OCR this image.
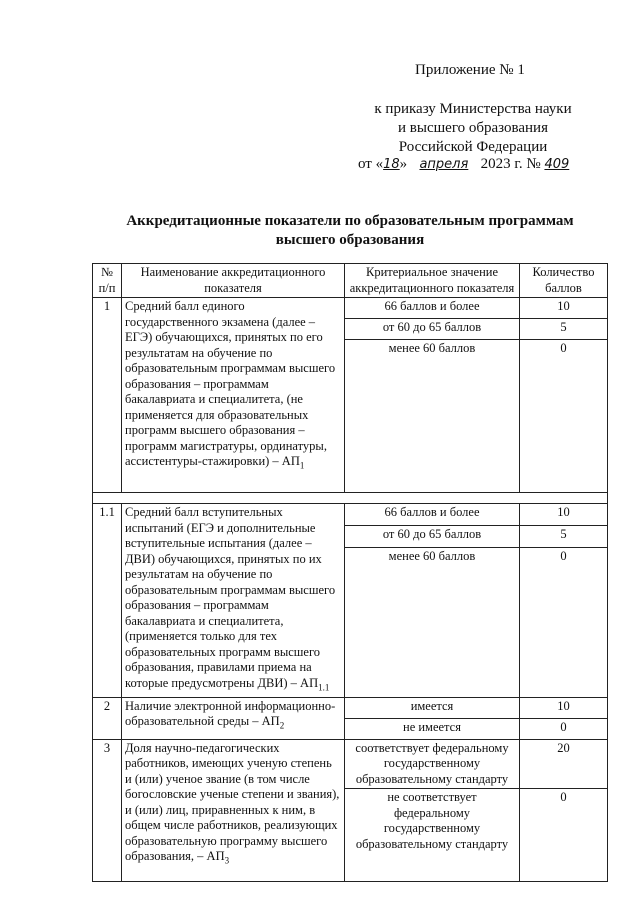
Приложение № 1
к приказу Министерства науки
и высшего образования
Российской Федерации
от «18» апреля 2023 г. № 409
Аккредитационные показатели по образовательным программам
высшего образования
№ п/п	Наименование аккредитационного показателя	Критериальное значение аккредитационного показателя	Количество баллов
1	Средний балл единого государственного экзамена (далее – ЕГЭ) обучающихся, принятых по его результатам на обучение по образовательным программам высшего образования – программам бакалавриата и специалитета, (не применяется для образовательных программ высшего образования – программ магистратуры, ординатуры, ассистентуры-стажировки) – $АП_1$	66 баллов и более	10
		от 60 до 65 баллов	5
		менее 60 баллов	0

1.1	Средний балл вступительных испытаний (ЕГЭ и дополнительные вступительные испытания (далее – ДВИ) обучающихся, принятых по их результатам на обучение по образовательным программам высшего образования – программам бакалавриата и специалитета, (применяется только для тех образовательных программ высшего образования, правилами приема на которые предусмотрены $ДВИ) - АП_{1.1}$	66 баллов и более	10
		от 60 до 65 баллов	5
		менее 60 баллов	0
2	Наличие электронной информационно-образовательной среды – $АП_2$	имеется	10
		не имеется	0
3	Доля научно-педагогических работников, имеющих ученую степень и (или) ученое звание (в том числе богословские ученые степени и звания), и (или) лиц, приравненных к ним, в общем числе работников, реализующих образовательную программу высшего образования, – $АП_3$	соответствует федеральному государственному образовательному стандарту	20
		не соответствует федеральному государственному образовательному стандарту	0
